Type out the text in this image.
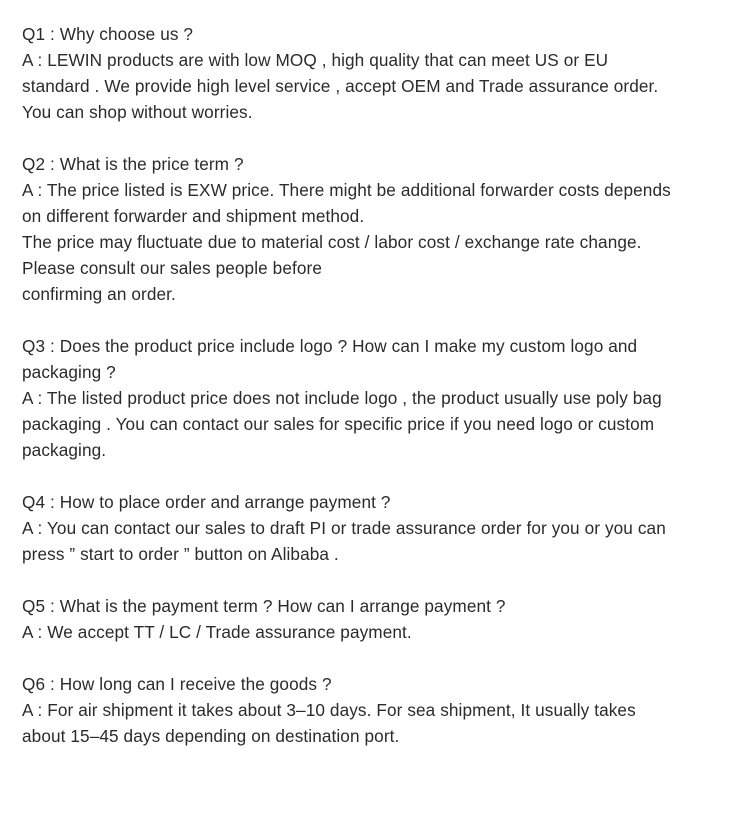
Q1 : Why choose us ?

A : LEWIN products are with low MOQ , high quality that can meet US or EU

standard . We provide high level service , accept OEM and Trade assurance order.

You can shop without worries.

Q2 : What is the price term ?

A : The price listed is EXW price. There might be additional forwarder costs depends

on different forwarder and shipment method.

The price may fluctuate due to material cost / labor cost / exchange rate change.

Please consult our sales people before

confirming an order.

Q3 : Does the product price include logo ? How can I make my custom logo and

packaging ?

A : The listed product price does not include logo , the product usually use poly bag

packaging . You can contact our sales for specific price if you need logo or custom

packaging.

Q4 : How to place order and arrange payment ?

A : You can contact our sales to draft PI or trade assurance order for you or you can

press ” start to order ” button on Alibaba .

Q5 : What is the payment term ? How can I arrange payment ?

A : We accept TT / LC / Trade assurance payment.

Q6 : How long can I receive the goods ?

A : For air shipment it takes about 3–10 days. For sea shipment, It usually takes

about 15–45 days depending on destination port.
